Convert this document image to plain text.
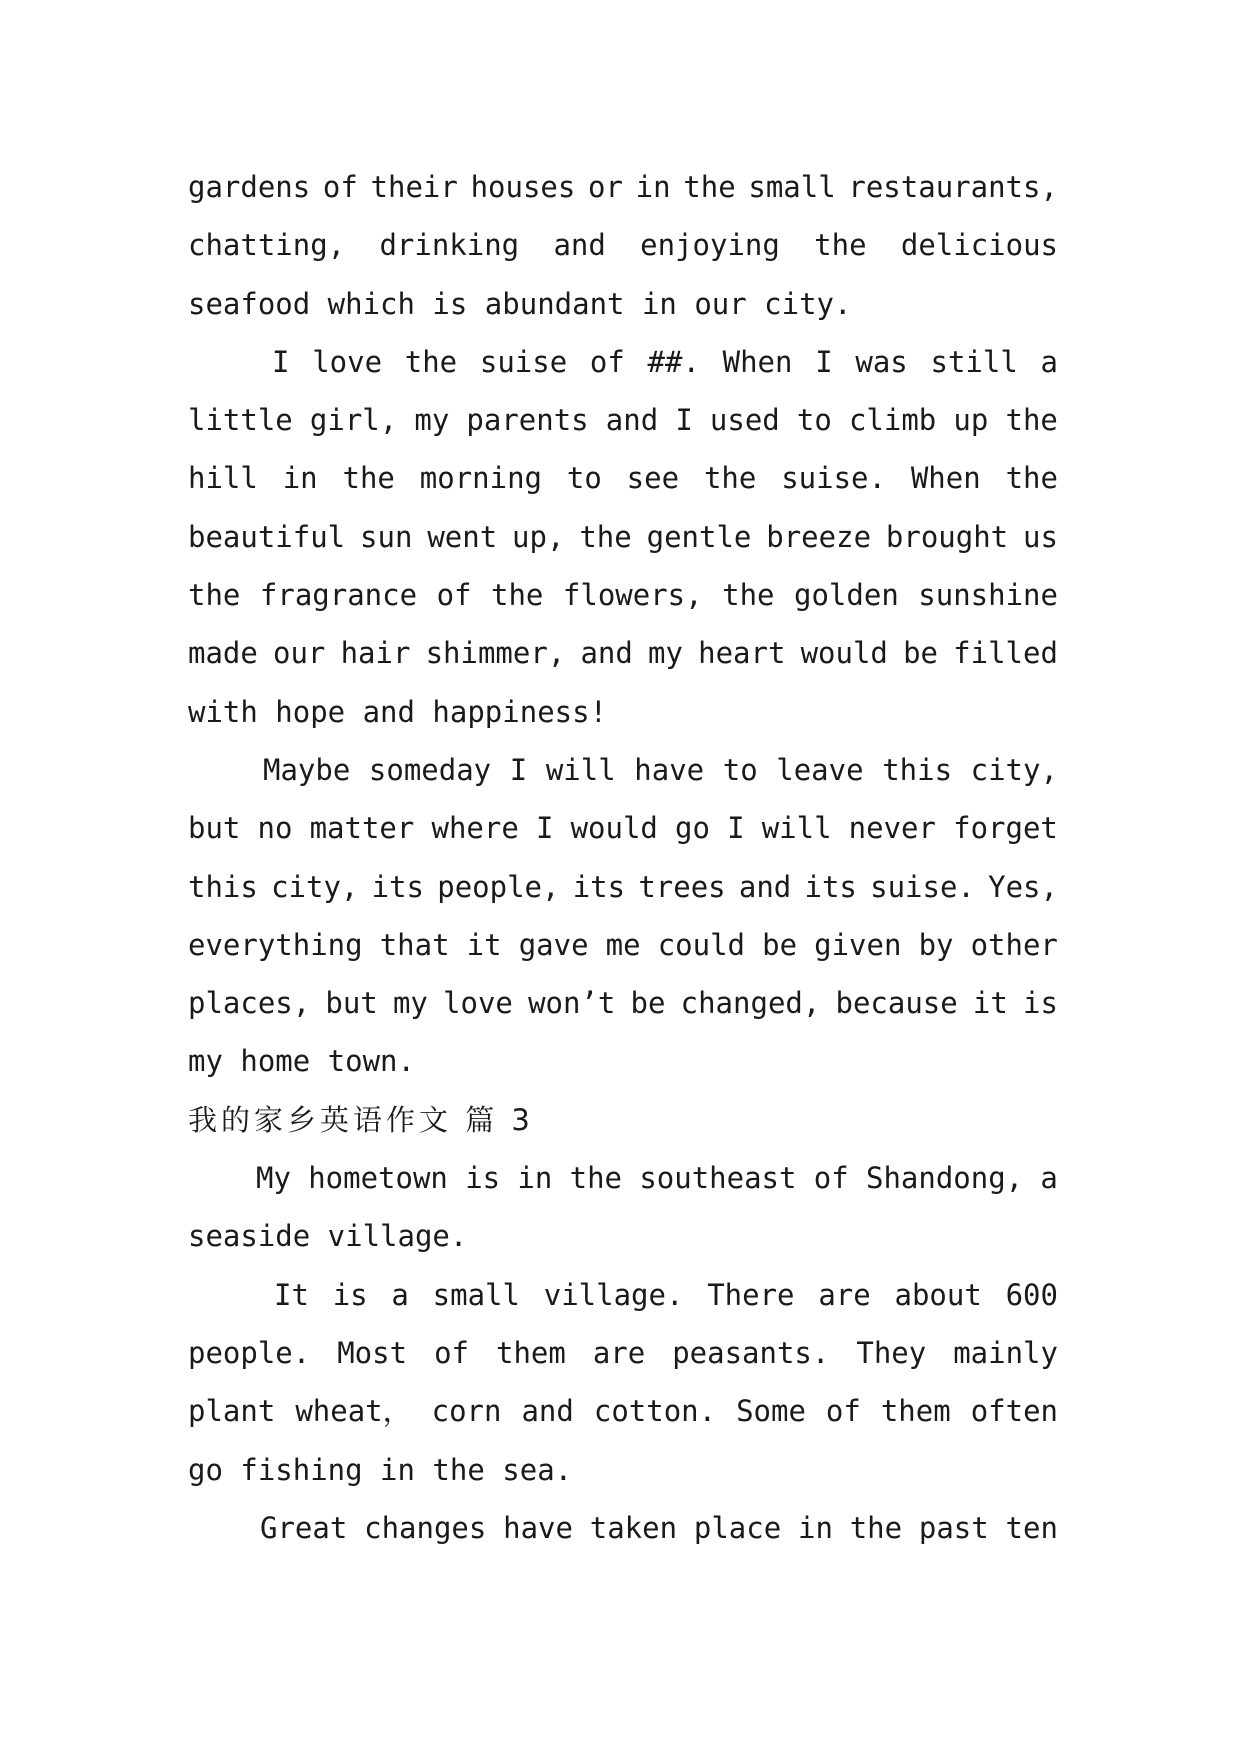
gardens of their houses or in the small restaurants,
chatting, drinking and enjoying the delicious
seafood which is abundant in our city.
I love the suise of ##. When I was still a
little girl, my parents and I used to climb up the
hill in the morning to see the suise. When the
beautiful sun went up, the gentle breeze brought us
the fragrance of the flowers, the golden sunshine
made our hair shimmer, and my heart would be filled
with hope and happiness!
Maybe someday I will have to leave this city,
but no matter where I would go I will never forget
this city, its people, its trees and its suise. Yes,
everything that it gave me could be given by other
places, but my love won’t be changed, because it is
my home town.
我的家乡英语作文 篇 3
My hometown is in the southeast of Shandong, a
seaside village.
It is a small village. There are about 600
people. Most of them are peasants. They mainly
plant wheat， corn and cotton. Some of them often
go fishing in the sea.
Great changes have taken place in the past ten
